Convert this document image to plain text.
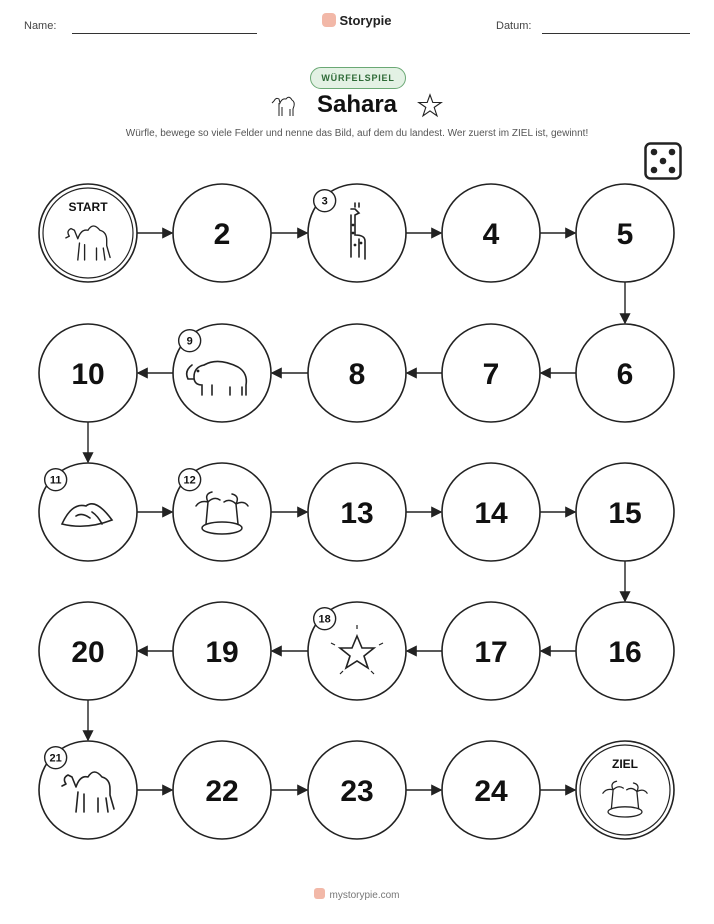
Name:	Storypie	Datum:
WÜRFELSPIEL
Sahara
Würfle, bewege so viele Felder und nenne das Bild, auf dem du landest. Wer zuerst im ZIEL ist, gewinnt!
START
2
3
4	5
6
7
8
9
10
11	12
13	14	15
16
17
18
19
20
21
22	23	24
ZIEL
mystorypie.com
